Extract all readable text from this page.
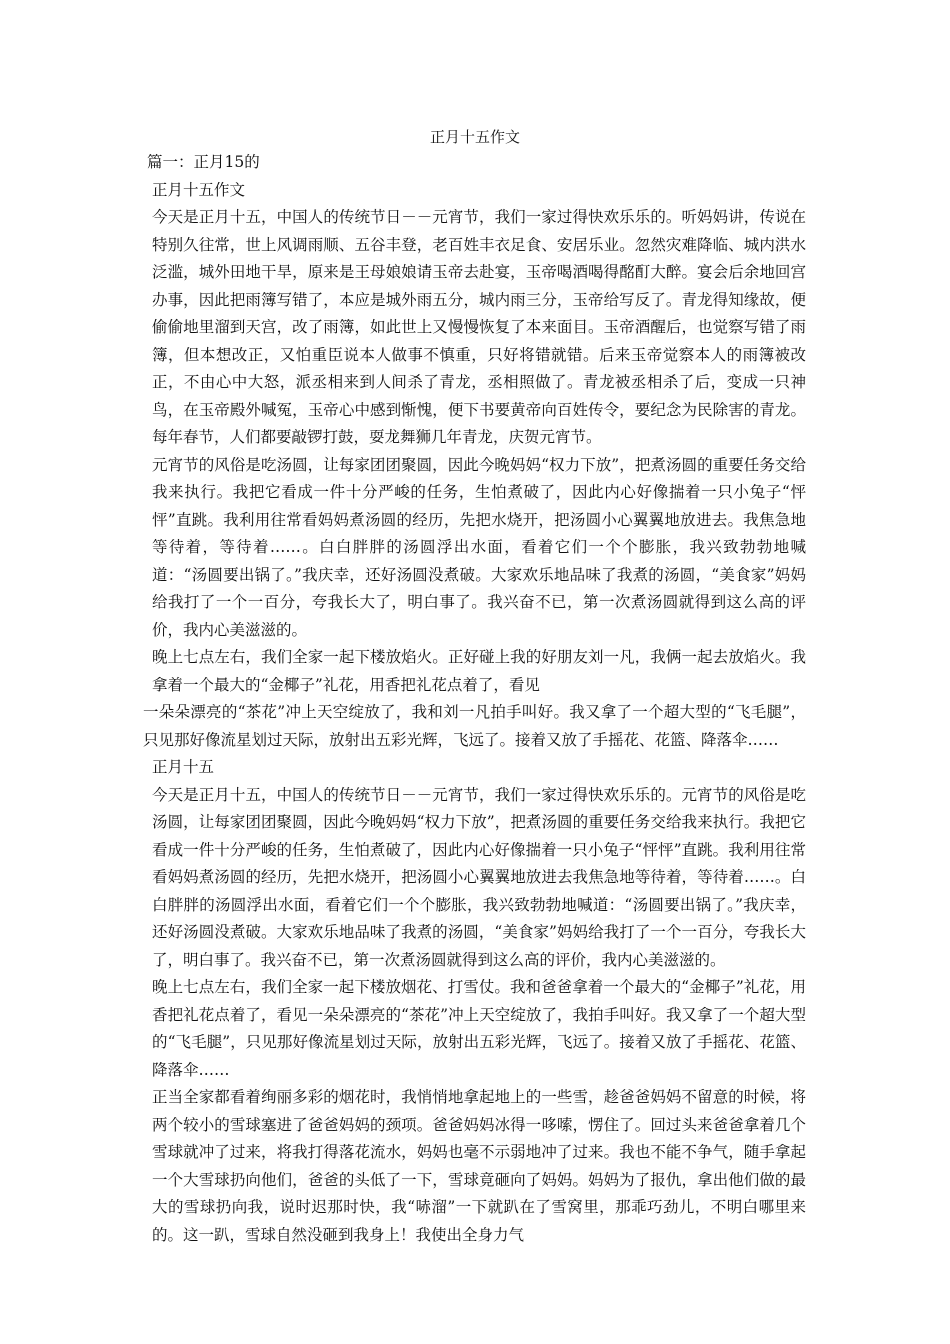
正月十五作文

篇一：正月15的

正月十五作文

今天是正月十五，中国人的传统节日－－元宵节，我们一家过得快欢乐乐的。听妈妈讲，传说在特别久往常，世上风调雨顺、五谷丰登，老百姓丰衣足食、安居乐业。忽然灾难降临、城内洪水泛滥，城外田地干旱，原来是王母娘娘请玉帝去赴宴，玉帝喝酒喝得酩酊大醉。宴会后余地回宫办事，因此把雨簿写错了，本应是城外雨五分，城内雨三分，玉帝给写反了。青龙得知缘故，便偷偷地里溜到天宫，改了雨簿，如此世上又慢慢恢复了本来面目。玉帝酒醒后，也觉察写错了雨簿，但本想改正，又怕重臣说本人做事不慎重，只好将错就错。后来玉帝觉察本人的雨簿被改正，不由心中大怒，派丞相来到人间杀了青龙，丞相照做了。青龙被丞相杀了后，变成一只神鸟，在玉帝殿外喊冤，玉帝心中感到惭愧，便下书要黄帝向百姓传令，要纪念为民除害的青龙。每年春节，人们都要敲锣打鼓，耍龙舞狮几年青龙，庆贺元宵节。

元宵节的风俗是吃汤圆，让每家团团聚圆，因此今晚妈妈“权力下放”，把煮汤圆的重要任务交给我来执行。我把它看成一件十分严峻的任务，生怕煮破了，因此内心好像揣着一只小兔子“怦怦”直跳。我利用往常看妈妈煮汤圆的经历，先把水烧开，把汤圆小心翼翼地放进去。我焦急地等待着，等待着……。白白胖胖的汤圆浮出水面，看着它们一个个膨胀，我兴致勃勃地喊道：“汤圆要出锅了。”我庆幸，还好汤圆没煮破。大家欢乐地品味了我煮的汤圆，“美食家”妈妈给我打了一个一百分，夸我长大了，明白事了。我兴奋不已，第一次煮汤圆就得到这么高的评价，我内心美滋滋的。

晚上七点左右，我们全家一起下楼放焰火。正好碰上我的好朋友刘一凡，我俩一起去放焰火。我拿着一个最大的“金椰子”礼花，用香把礼花点着了，看见

一朵朵漂亮的“茶花”冲上天空绽放了，我和刘一凡拍手叫好。我又拿了一个超大型的“飞毛腿”，只见那好像流星划过天际，放射出五彩光辉，飞远了。接着又放了手摇花、花篮、降落伞……

正月十五

今天是正月十五，中国人的传统节日－－元宵节，我们一家过得快欢乐乐的。元宵节的风俗是吃汤圆，让每家团团聚圆，因此今晚妈妈“权力下放”，把煮汤圆的重要任务交给我来执行。我把它看成一件十分严峻的任务，生怕煮破了，因此内心好像揣着一只小兔子“怦怦”直跳。我利用往常看妈妈煮汤圆的经历，先把水烧开，把汤圆小心翼翼地放进去我焦急地等待着，等待着……。白白胖胖的汤圆浮出水面，看着它们一个个膨胀，我兴致勃勃地喊道：“汤圆要出锅了。”我庆幸，还好汤圆没煮破。大家欢乐地品味了我煮的汤圆，“美食家”妈妈给我打了一个一百分，夸我长大了，明白事了。我兴奋不已，第一次煮汤圆就得到这么高的评价，我内心美滋滋的。

晚上七点左右，我们全家一起下楼放烟花、打雪仗。我和爸爸拿着一个最大的“金椰子”礼花，用香把礼花点着了，看见一朵朵漂亮的“茶花”冲上天空绽放了，我拍手叫好。我又拿了一个超大型的“飞毛腿”，只见那好像流星划过天际，放射出五彩光辉，飞远了。接着又放了手摇花、花篮、降落伞……

正当全家都看着绚丽多彩的烟花时，我悄悄地拿起地上的一些雪，趁爸爸妈妈不留意的时候，将两个较小的雪球塞进了爸爸妈妈的颈项。爸爸妈妈冰得一哆嗦，愣住了。回过头来爸爸拿着几个雪球就冲了过来，将我打得落花流水，妈妈也毫不示弱地冲了过来。我也不能不争气，随手拿起一个大雪球扔向他们，爸爸的头低了一下，雪球竟砸向了妈妈。妈妈为了报仇，拿出他们做的最大的雪球扔向我，说时迟那时快，我“哧溜”一下就趴在了雪窝里，那乖巧劲儿，不明白哪里来的。这一趴，雪球自然没砸到我身上！我使出全身力气
